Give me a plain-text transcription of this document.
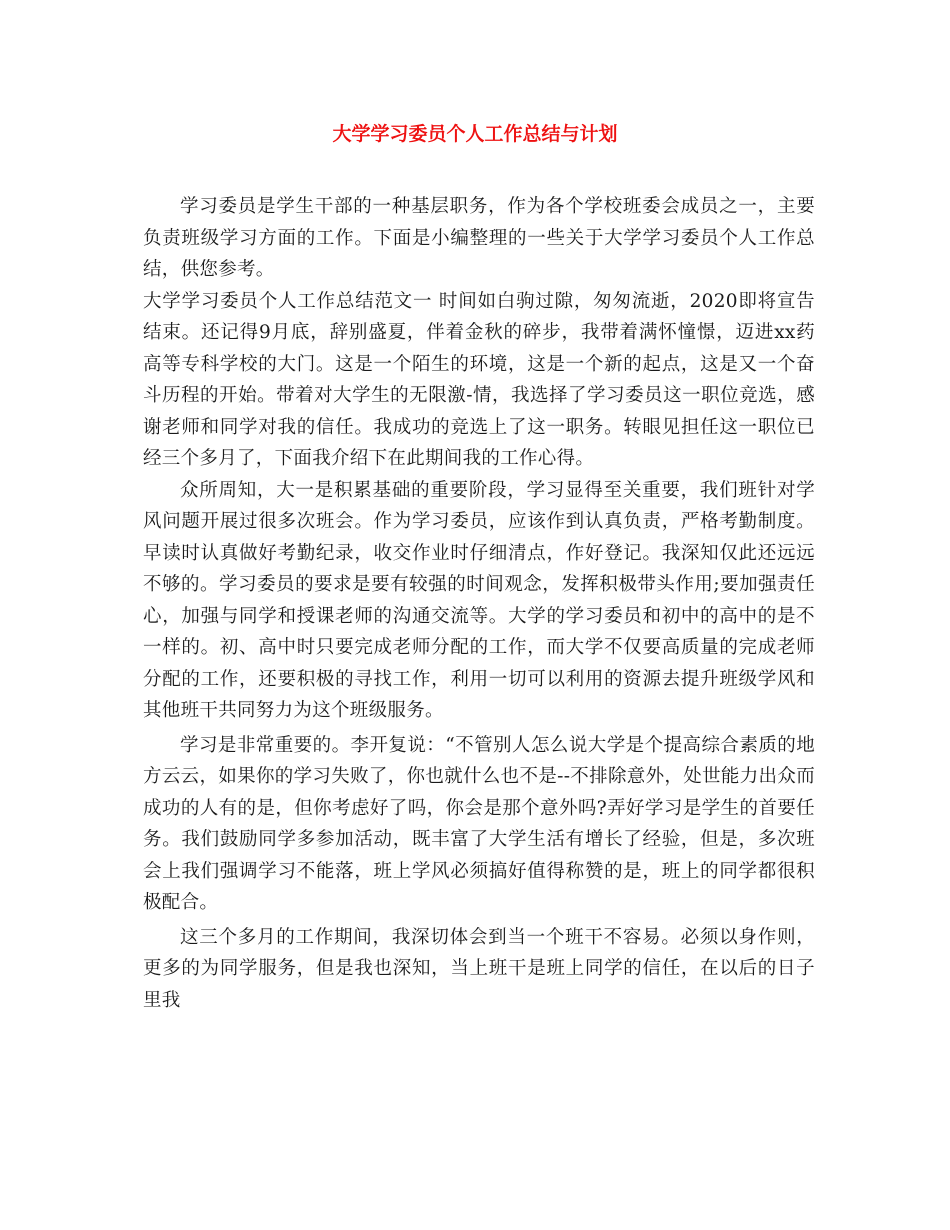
大学学习委员个人工作总结与计划

学习委员是学生干部的一种基层职务，作为各个学校班委会成员之一，主要负责班级学习方面的工作。下面是小编整理的一些关于大学学习委员个人工作总结，供您参考。

大学学习委员个人工作总结范文一 时间如白驹过隙，匆匆流逝，2020即将宣告结束。还记得9月底，辞别盛夏，伴着金秋的碎步，我带着满怀憧憬，迈进xx药高等专科学校的大门。这是一个陌生的环境，这是一个新的起点，这是又一个奋斗历程的开始。带着对大学生的无限激-情，我选择了学习委员这一职位竞选，感谢老师和同学对我的信任。我成功的竞选上了这一职务。转眼见担任这一职位已经三个多月了，下面我介绍下在此期间我的工作心得。

众所周知，大一是积累基础的重要阶段，学习显得至关重要，我们班针对学风问题开展过很多次班会。作为学习委员，应该作到认真负责，严格考勤制度。早读时认真做好考勤纪录，收交作业时仔细清点，作好登记。我深知仅此还远远不够的。学习委员的要求是要有较强的时间观念，发挥积极带头作用;要加强责任心，加强与同学和授课老师的沟通交流等。大学的学习委员和初中的高中的是不一样的。初、高中时只要完成老师分配的工作，而大学不仅要高质量的完成老师分配的工作，还要积极的寻找工作，利用一切可以利用的资源去提升班级学风和其他班干共同努力为这个班级服务。

学习是非常重要的。李开复说：“不管别人怎么说大学是个提高综合素质的地方云云，如果你的学习失败了，你也就什么也不是--不排除意外，处世能力出众而成功的人有的是，但你考虑好了吗，你会是那个意外吗?弄好学习是学生的首要任务。我们鼓励同学多参加活动，既丰富了大学生活有增长了经验，但是，多次班会上我们强调学习不能落，班上学风必须搞好值得称赞的是，班上的同学都很积极配合。

这三个多月的工作期间，我深切体会到当一个班干不容易。必须以身作则，更多的为同学服务，但是我也深知，当上班干是班上同学的信任，在以后的日子里我
